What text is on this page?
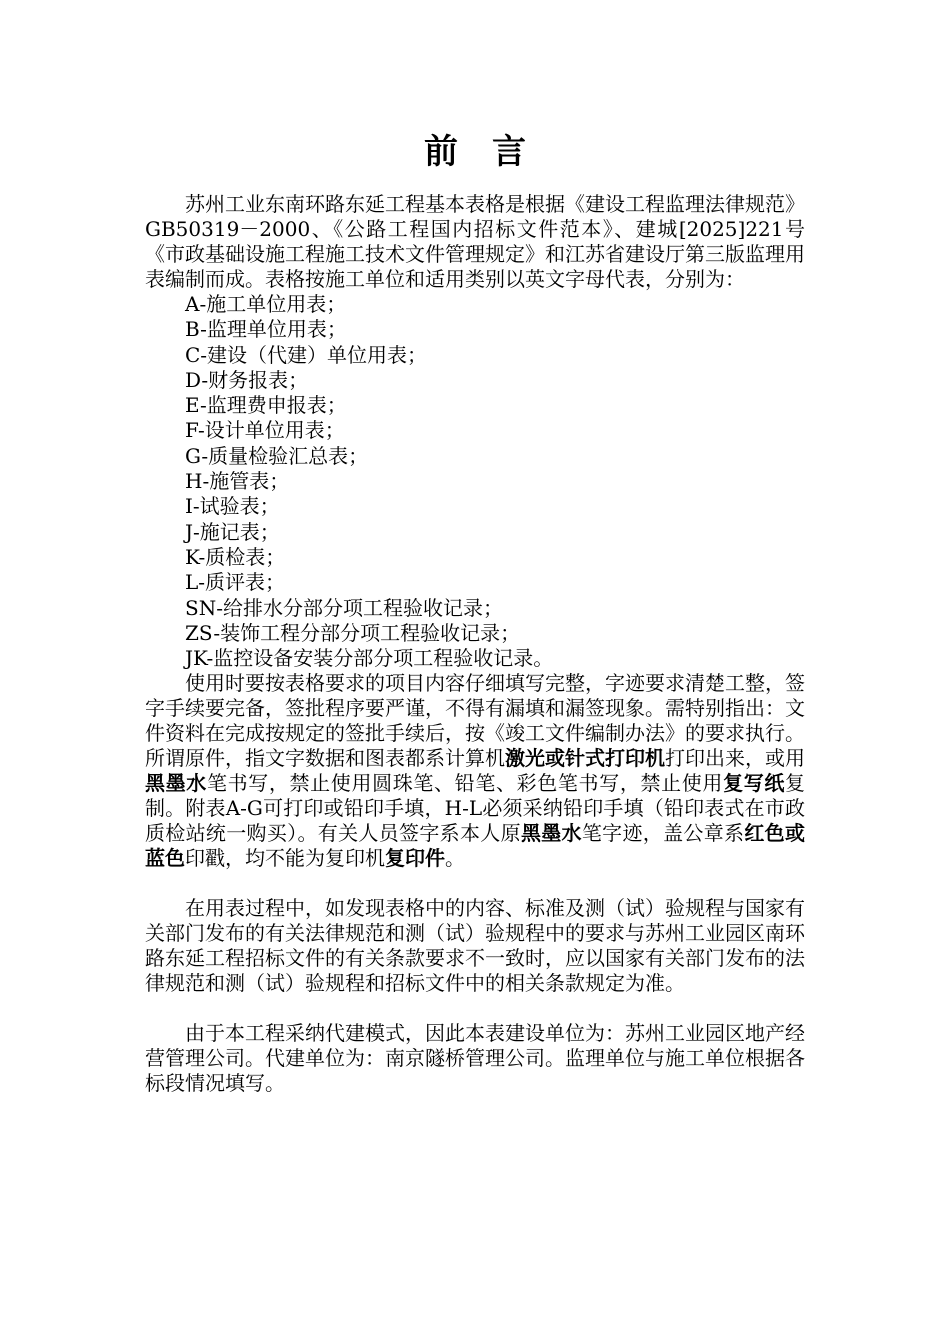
前言

苏州工业东南环路东延工程基本表格是根据《建设工程监理法律规范》GB50319－2000、《公路工程国内招标文件范本》、建城[2025]221号《市政基础设施工程施工技术文件管理规定》和江苏省建设厅第三版监理用表编制而成。表格按施工单位和适用类别以英文字母代表，分别为：

A-施工单位用表；
B-监理单位用表；
C-建设（代建）单位用表；
D-财务报表；
E-监理费申报表；
F-设计单位用表；
G-质量检验汇总表；
H-施管表；
I-试验表；
J-施记表；
K-质检表；
L-质评表；
SN-给排水分部分项工程验收记录；
ZS-装饰工程分部分项工程验收记录；
JK-监控设备安装分部分项工程验收记录。

使用时要按表格要求的项目内容仔细填写完整，字迹要求清楚工整，签字手续要完备，签批程序要严谨，不得有漏填和漏签现象。需特别指出：文件资料在完成按规定的签批手续后，按《竣工文件编制办法》的要求执行。所谓原件，指文字数据和图表都系计算机激光或针式打印机打印出来，或用黑墨水笔书写，禁止使用圆珠笔、铅笔、彩色笔书写，禁止使用复写纸复制。附表A-G可打印或铅印手填，H-L必须采纳铅印手填（铅印表式在市政质检站统一购买）。有关人员签字系本人原黑墨水笔字迹，盖公章系红色或蓝色印戳，均不能为复印机复印件。

在用表过程中，如发现表格中的内容、标准及测（试）验规程与国家有关部门发布的有关法律规范和测（试）验规程中的要求与苏州工业园区南环路东延工程招标文件的有关条款要求不一致时，应以国家有关部门发布的法律规范和测（试）验规程和招标文件中的相关条款规定为准。

由于本工程采纳代建模式，因此本表建设单位为：苏州工业园区地产经营管理公司。代建单位为：南京隧桥管理公司。监理单位与施工单位根据各标段情况填写。
